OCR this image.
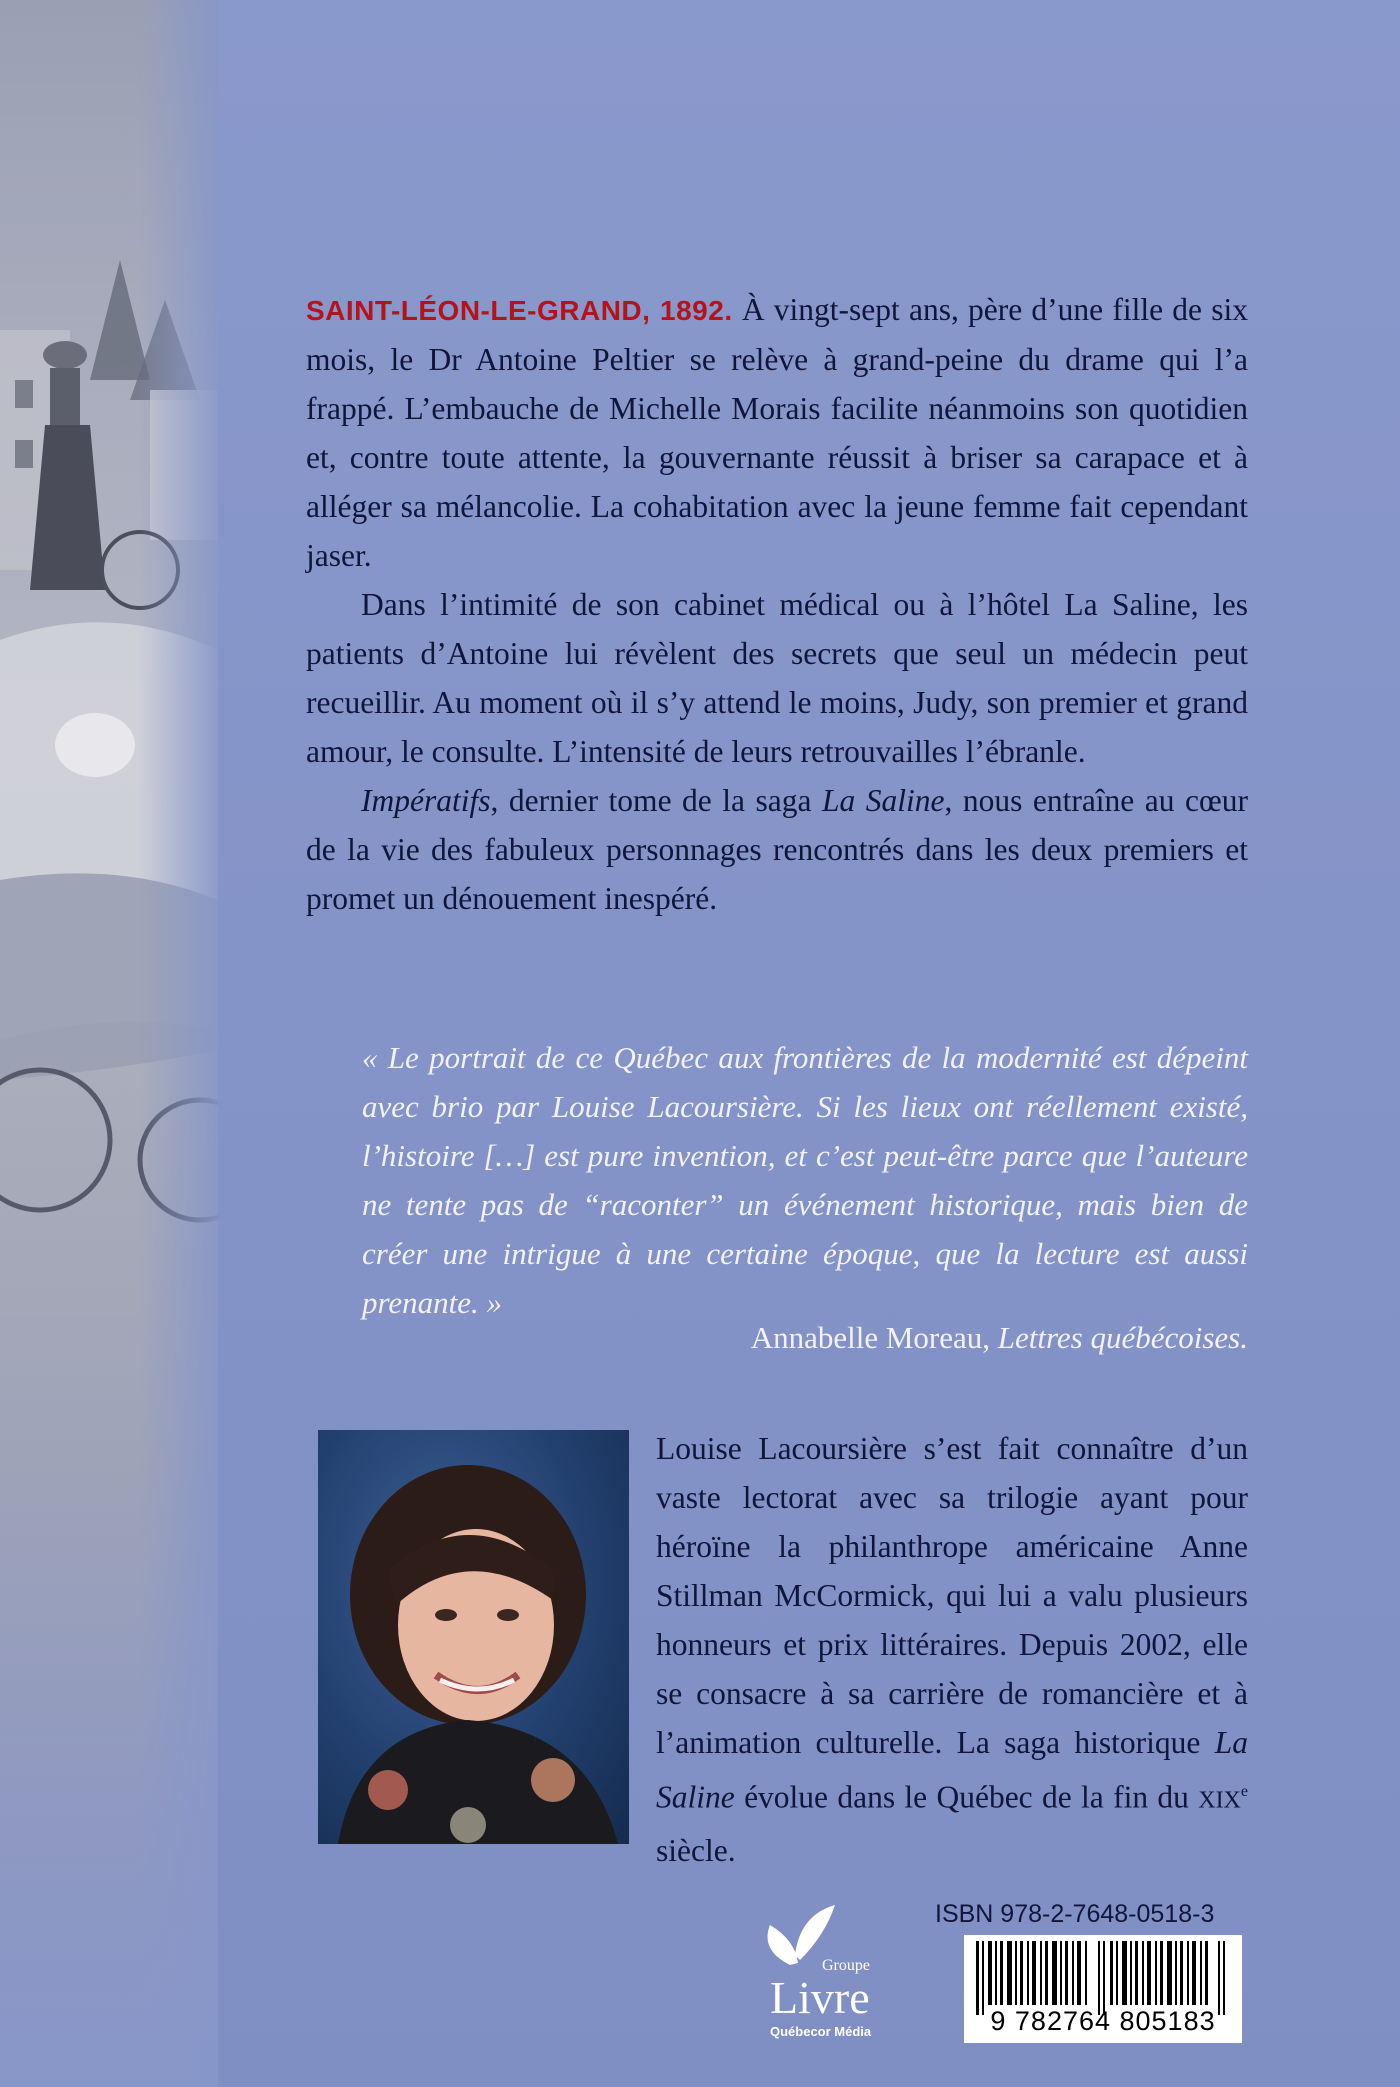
SAINT-LÉON-LE-GRAND, 1892. À vingt-sept ans, père d’une fille de six mois, le Dr Antoine Peltier se relève à grand-peine du drame qui l’a frappé. L’embauche de Michelle Morais facilite néanmoins son quotidien et, contre toute attente, la gouvernante réussit à briser sa carapace et à alléger sa mélancolie. La cohabitation avec la jeune femme fait cependant jaser.

Dans l’intimité de son cabinet médical ou à l’hôtel La Saline, les patients d’Antoine lui révèlent des secrets que seul un médecin peut recueillir. Au moment où il s’y attend le moins, Judy, son premier et grand amour, le consulte. L’intensité de leurs retrouvailles l’ébranle.

Impératifs, dernier tome de la saga La Saline, nous entraîne au cœur de la vie des fabuleux personnages rencontrés dans les deux premiers et promet un dénouement inespéré.

« Le portrait de ce Québec aux frontières de la modernité est dépeint avec brio par Louise Lacoursière. Si les lieux ont réellement existé, l’histoire […] est pure invention, et c’est peut-être parce que l’auteure ne tente pas de “raconter” un événement historique, mais bien de créer une intrigue à une certaine époque, que la lecture est aussi prenante. »
Annabelle Moreau, Lettres québécoises.
Louise Lacoursière s’est fait connaître d’un vaste lectorat avec sa trilogie ayant pour héroïne la philanthrope américaine Anne Stillman McCormick, qui lui a valu plusieurs honneurs et prix littéraires. Depuis 2002, elle se consacre à sa carrière de romancière et à l’animation culturelle. La saga historique La Saline évolue dans le Québec de la fin du XIXe siècle.
Groupe
Livre
Québecor Média
ISBN 978-2-7648-0518-3
9 782764 805183
